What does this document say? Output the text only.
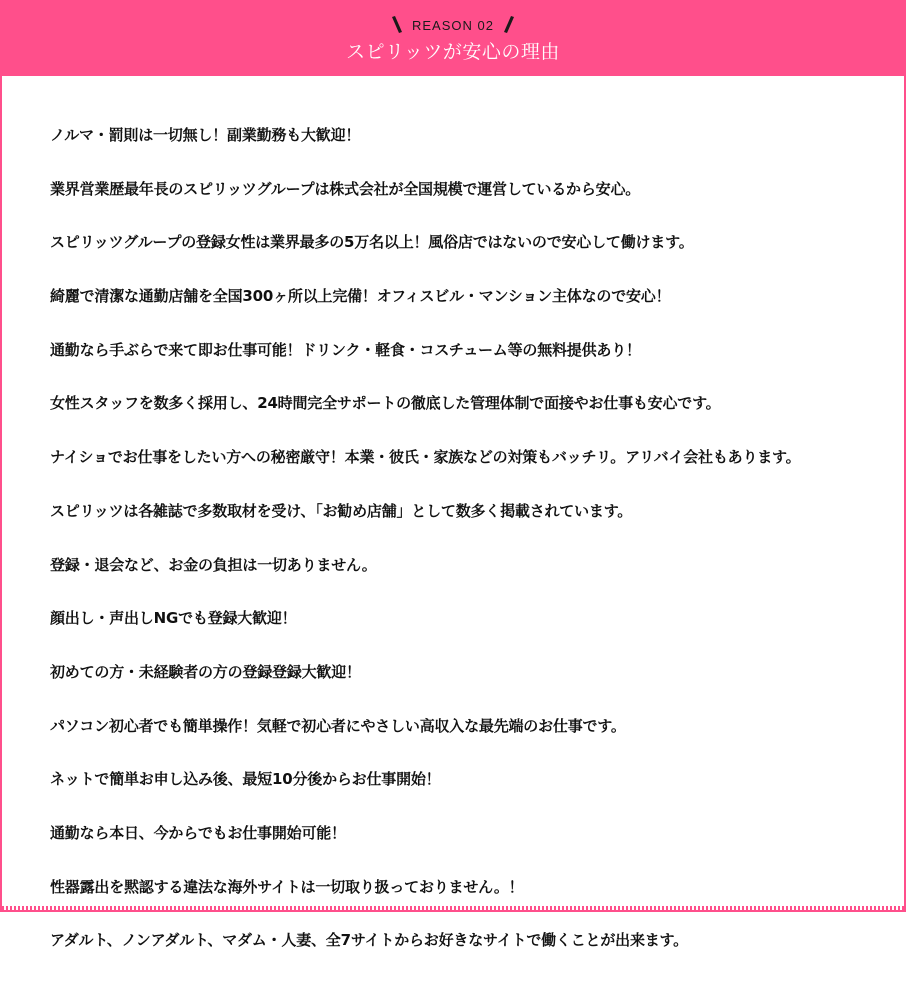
REASON 02
スピリッツが安心の理由
ノルマ・罰則は一切無し！副業勤務も大歓迎！
業界営業歴最年長のスピリッツグループは株式会社が全国規模で運営しているから安心。
スピリッツグループの登録女性は業界最多の5万名以上！風俗店ではないので安心して働けます。
綺麗で清潔な通勤店舗を全国300ヶ所以上完備！オフィスビル・マンション主体なので安心！
通勤なら手ぶらで来て即お仕事可能！ドリンク・軽食・コスチューム等の無料提供あり！
女性スタッフを数多く採用し、24時間完全サポートの徹底した管理体制で面接やお仕事も安心です。
ナイショでお仕事をしたい方への秘密厳守！本業・彼氏・家族などの対策もバッチリ。アリバイ会社もあります。
スピリッツは各雑誌で多数取材を受け、「お勧め店舗」として数多く掲載されています。
登録・退会など、お金の負担は一切ありません。
顔出し・声出しNGでも登録大歓迎！
初めての方・未経験者の方の登録登録大歓迎！
パソコン初心者でも簡単操作！気軽で初心者にやさしい高収入な最先端のお仕事です。
ネットで簡単お申し込み後、最短10分後からお仕事開始！
通勤なら本日、今からでもお仕事開始可能！
性器露出を黙認する違法な海外サイトは一切取り扱っておりません。！
アダルト、ノンアダルト、マダム・人妻、全7サイトからお好きなサイトで働くことが出来ます。
